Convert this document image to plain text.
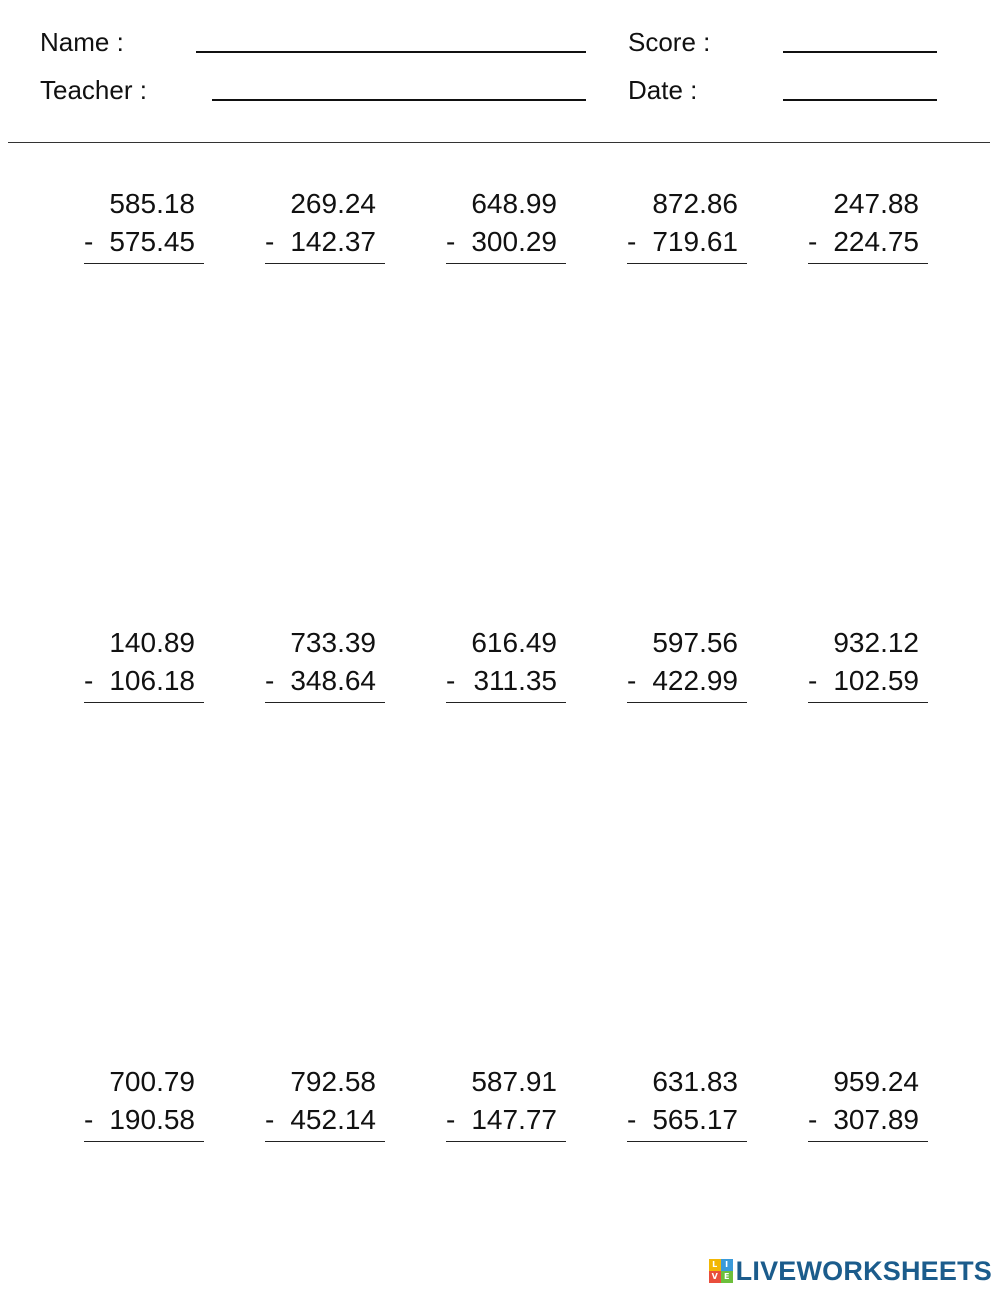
Name :	Score :
Teacher :	Date :
585.18
- 575.45
269.24
- 142.37
648.99
- 300.29
872.86
- 719.61
247.88
- 224.75
140.89
- 106.18
733.39
- 348.64
616.49
- 311.35
597.56
- 422.99
932.12
- 102.59
700.79
- 190.58
792.58
- 452.14
587.91
- 147.77
631.83
- 565.17
959.24
- 307.89
L I
V E LIVEWORKSHEETS
